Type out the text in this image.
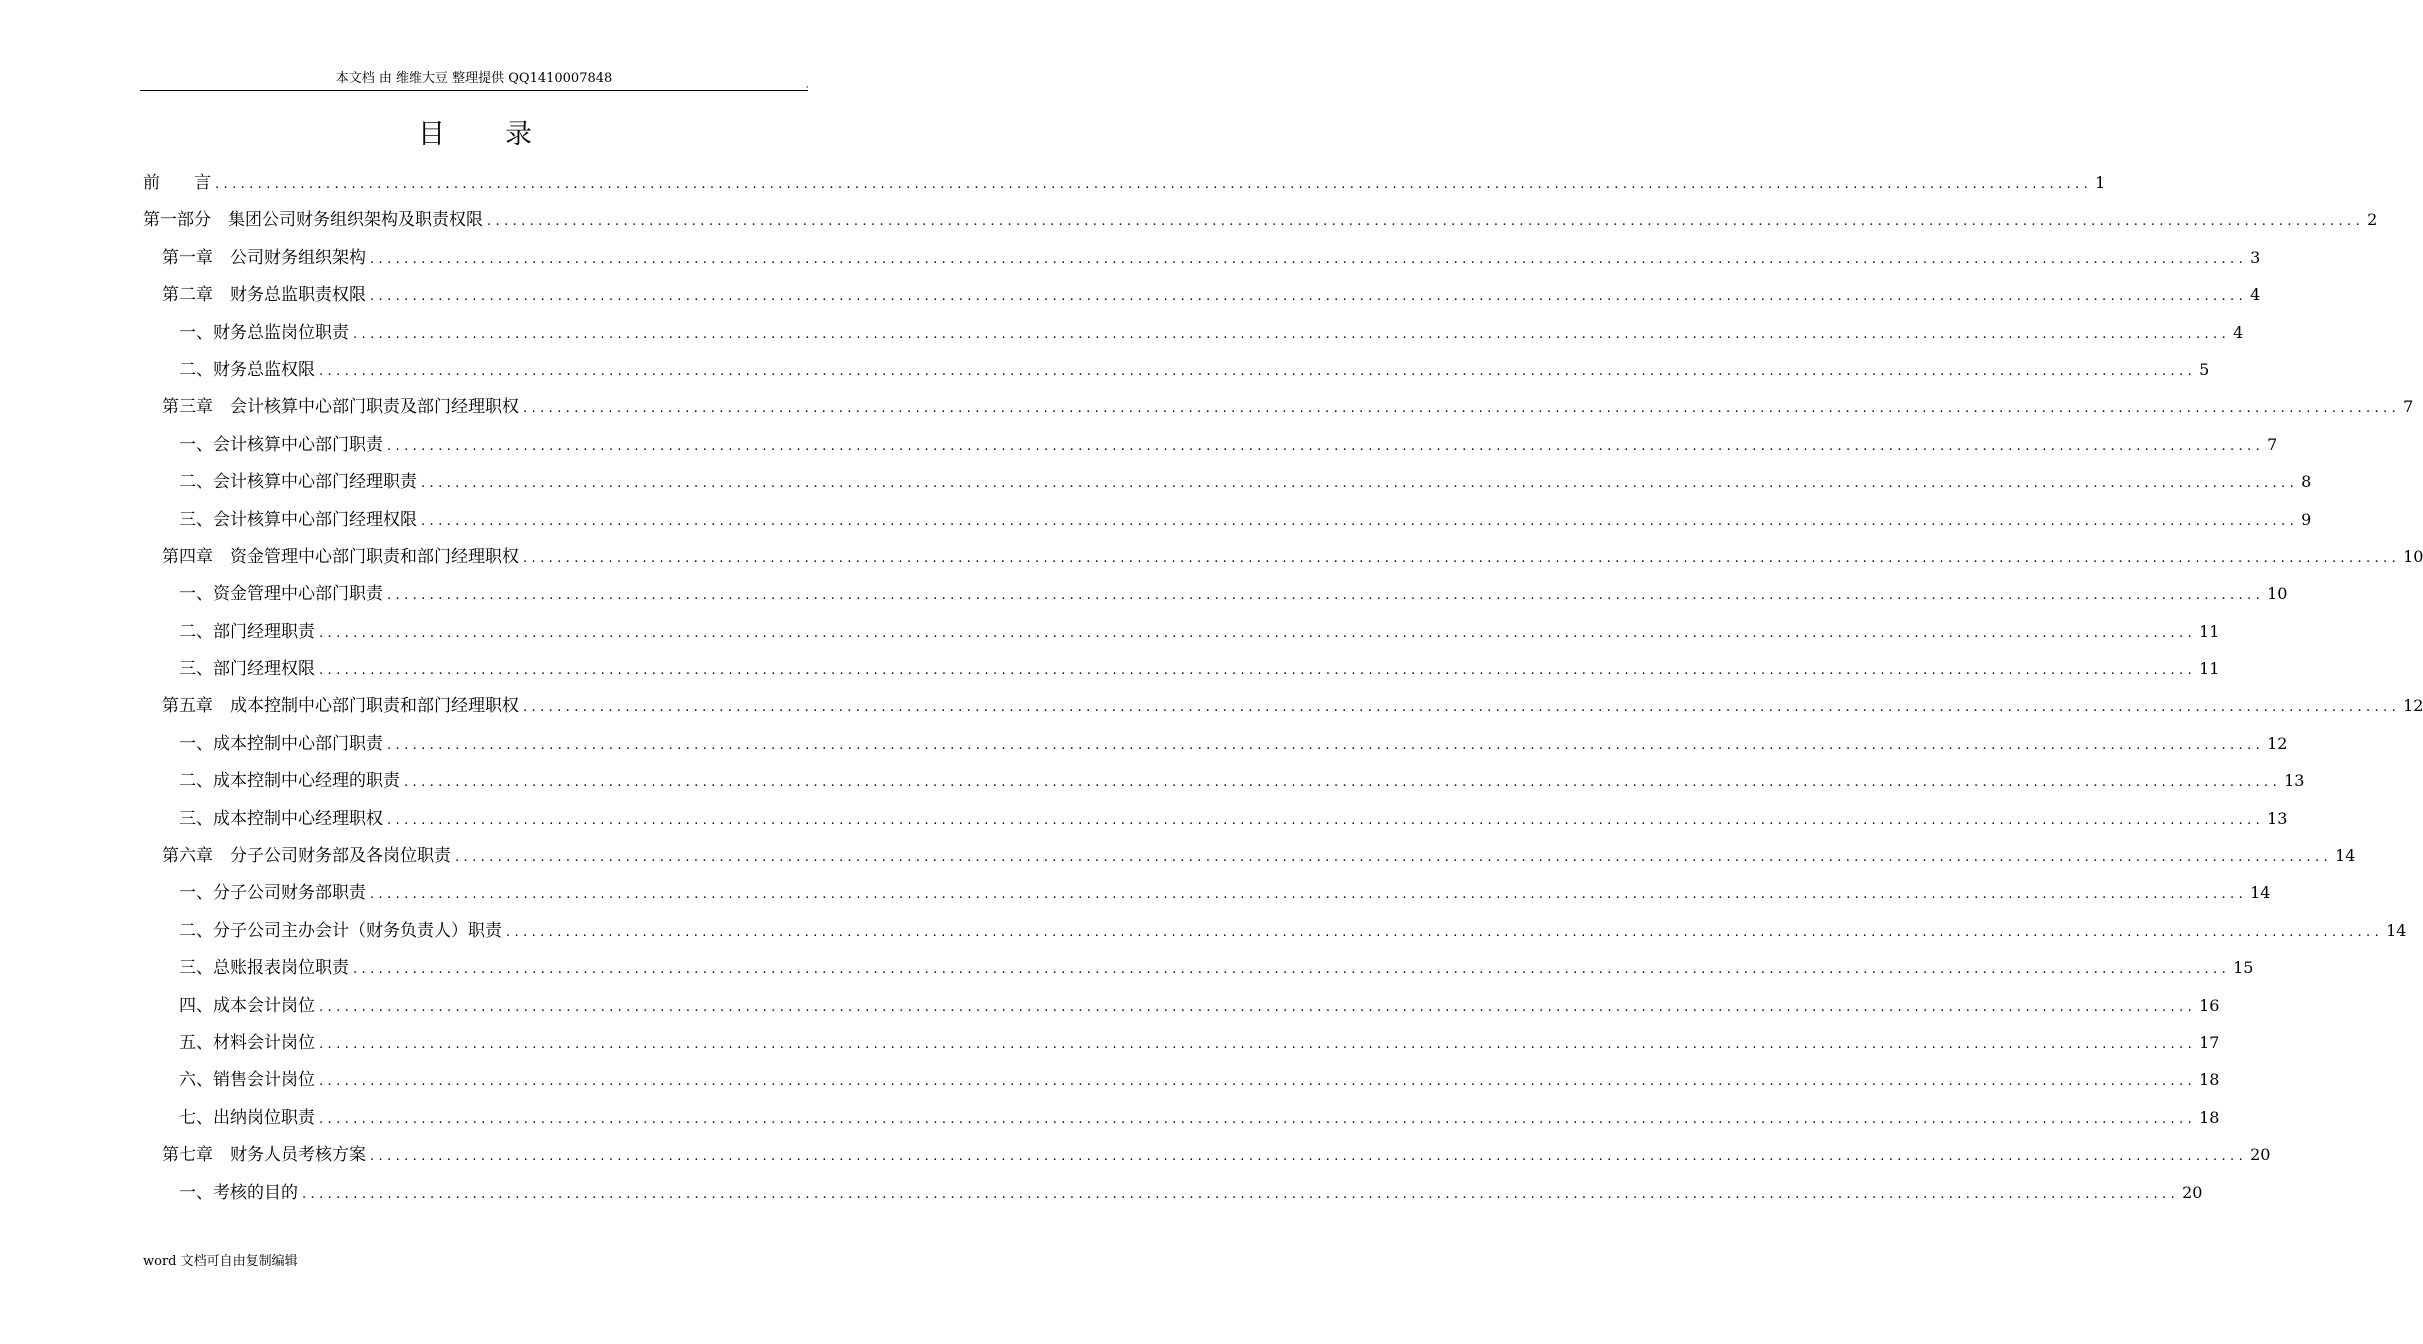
本文档 由 维维大豆 整理提供 QQ1410007848	,
目录
前　　言 ............................................................................................................................................................................................................................ 1
第一部分　集团公司财务组织架构及职责权限 ............................................................................................................................................................................................................................ 2
第一章　公司财务组织架构 ............................................................................................................................................................................................................................ 3
第二章　财务总监职责权限 ............................................................................................................................................................................................................................ 4
一、财务总监岗位职责 ............................................................................................................................................................................................................................ 4
二、财务总监权限 ............................................................................................................................................................................................................................ 5
第三章　会计核算中心部门职责及部门经理职权 ............................................................................................................................................................................................................................ 7
一、会计核算中心部门职责 ............................................................................................................................................................................................................................ 7
二、会计核算中心部门经理职责 ............................................................................................................................................................................................................................ 8
三、会计核算中心部门经理权限 ............................................................................................................................................................................................................................ 9
第四章　资金管理中心部门职责和部门经理职权 ............................................................................................................................................................................................................................ 10
一、资金管理中心部门职责 ............................................................................................................................................................................................................................ 10
二、部门经理职责 ............................................................................................................................................................................................................................ 11
三、部门经理权限 ............................................................................................................................................................................................................................ 11
第五章　成本控制中心部门职责和部门经理职权 ............................................................................................................................................................................................................................ 12
一、成本控制中心部门职责 ............................................................................................................................................................................................................................ 12
二、成本控制中心经理的职责 ............................................................................................................................................................................................................................ 13
三、成本控制中心经理职权 ............................................................................................................................................................................................................................ 13
第六章　分子公司财务部及各岗位职责 ............................................................................................................................................................................................................................ 14
一、分子公司财务部职责 ............................................................................................................................................................................................................................ 14
二、分子公司主办会计（财务负责人）职责 ............................................................................................................................................................................................................................ 14
三、总账报表岗位职责 ............................................................................................................................................................................................................................ 15
四、成本会计岗位 ............................................................................................................................................................................................................................ 16
五、材料会计岗位 ............................................................................................................................................................................................................................ 17
六、销售会计岗位 ............................................................................................................................................................................................................................ 18
七、出纳岗位职责 ............................................................................................................................................................................................................................ 18
第七章　财务人员考核方案 ............................................................................................................................................................................................................................ 20
一、考核的目的 ............................................................................................................................................................................................................................ 20
word 文档可自由复制编辑
